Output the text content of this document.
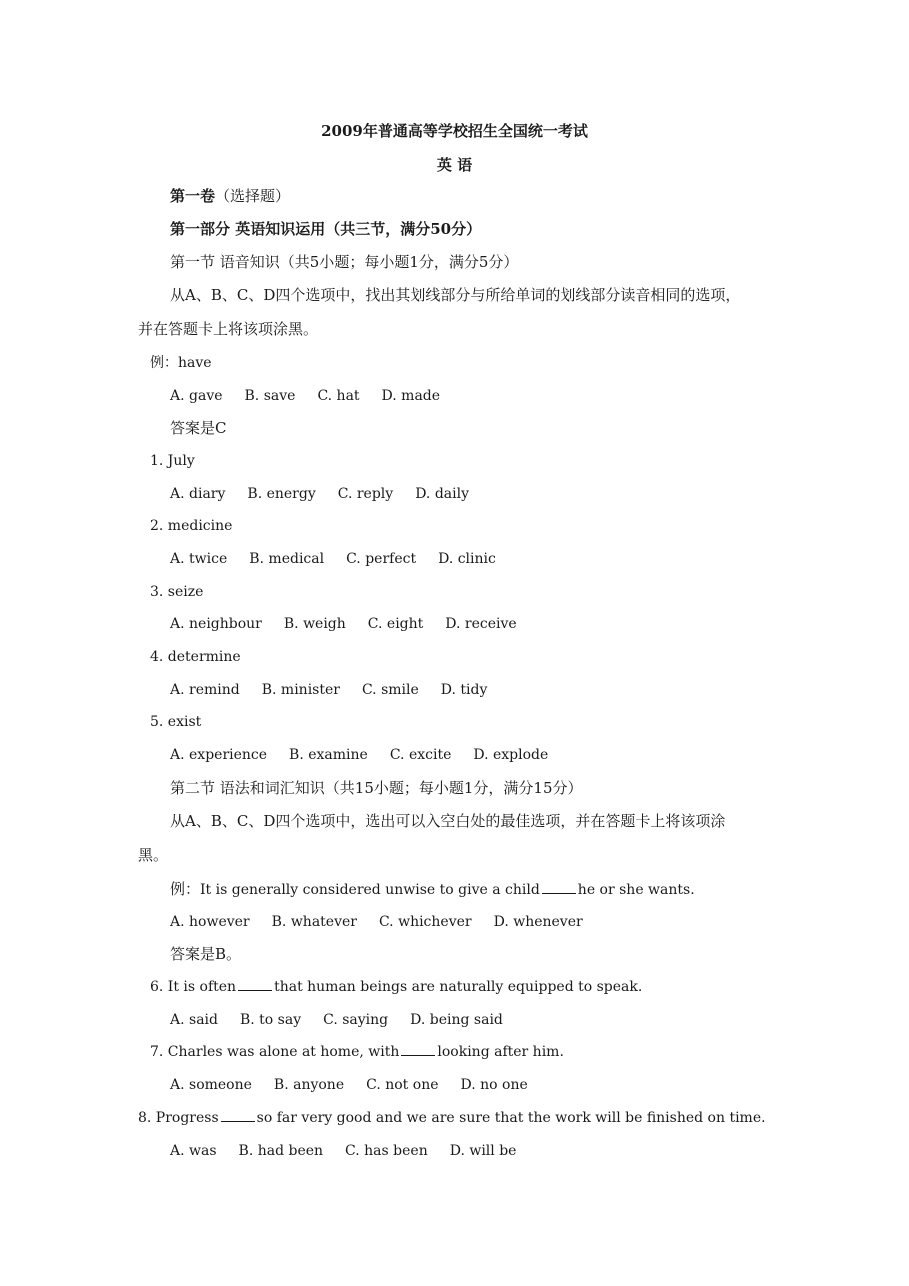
2009年普通高等学校招生全国统一考试
英 语
第一卷（选择题）
第一部分 英语知识运用（共三节，满分50分）
第一节 语音知识（共5小题；每小题1分，满分5分）
从A、B、C、D四个选项中，找出其划线部分与所给单词的划线部分读音相同的选项，
并在答题卡上将该项涂黑。
例：have
A. gave B. save C. hat D. made
答案是C
1. July
A. diary B. energy C. reply D. daily
2. medicine
A. twice B. medical C. perfect D. clinic
3. seize
A. neighbour B. weigh C. eight D. receive
4. determine
A. remind B. minister C. smile D. tidy
5. exist
A. experience B. examine C. excite D. explode
第二节 语法和词汇知识（共15小题；每小题1分，满分15分）
从A、B、C、D四个选项中，选出可以入空白处的最佳选项，并在答题卡上将该项涂
黑。
例：It is generally considered unwise to give a child	he or she wants.
A. however B. whatever C. whichever D. whenever
答案是B。
6. It is often	that human beings are naturally equipped to speak.
A. said B. to say C. saying D. being said
7. Charles was alone at home, with	looking after him.
A. someone B. anyone C. not one D. no one
8. Progress	so far very good and we are sure that the work will be finished on time.
A. was B. had been C. has been D. will be
